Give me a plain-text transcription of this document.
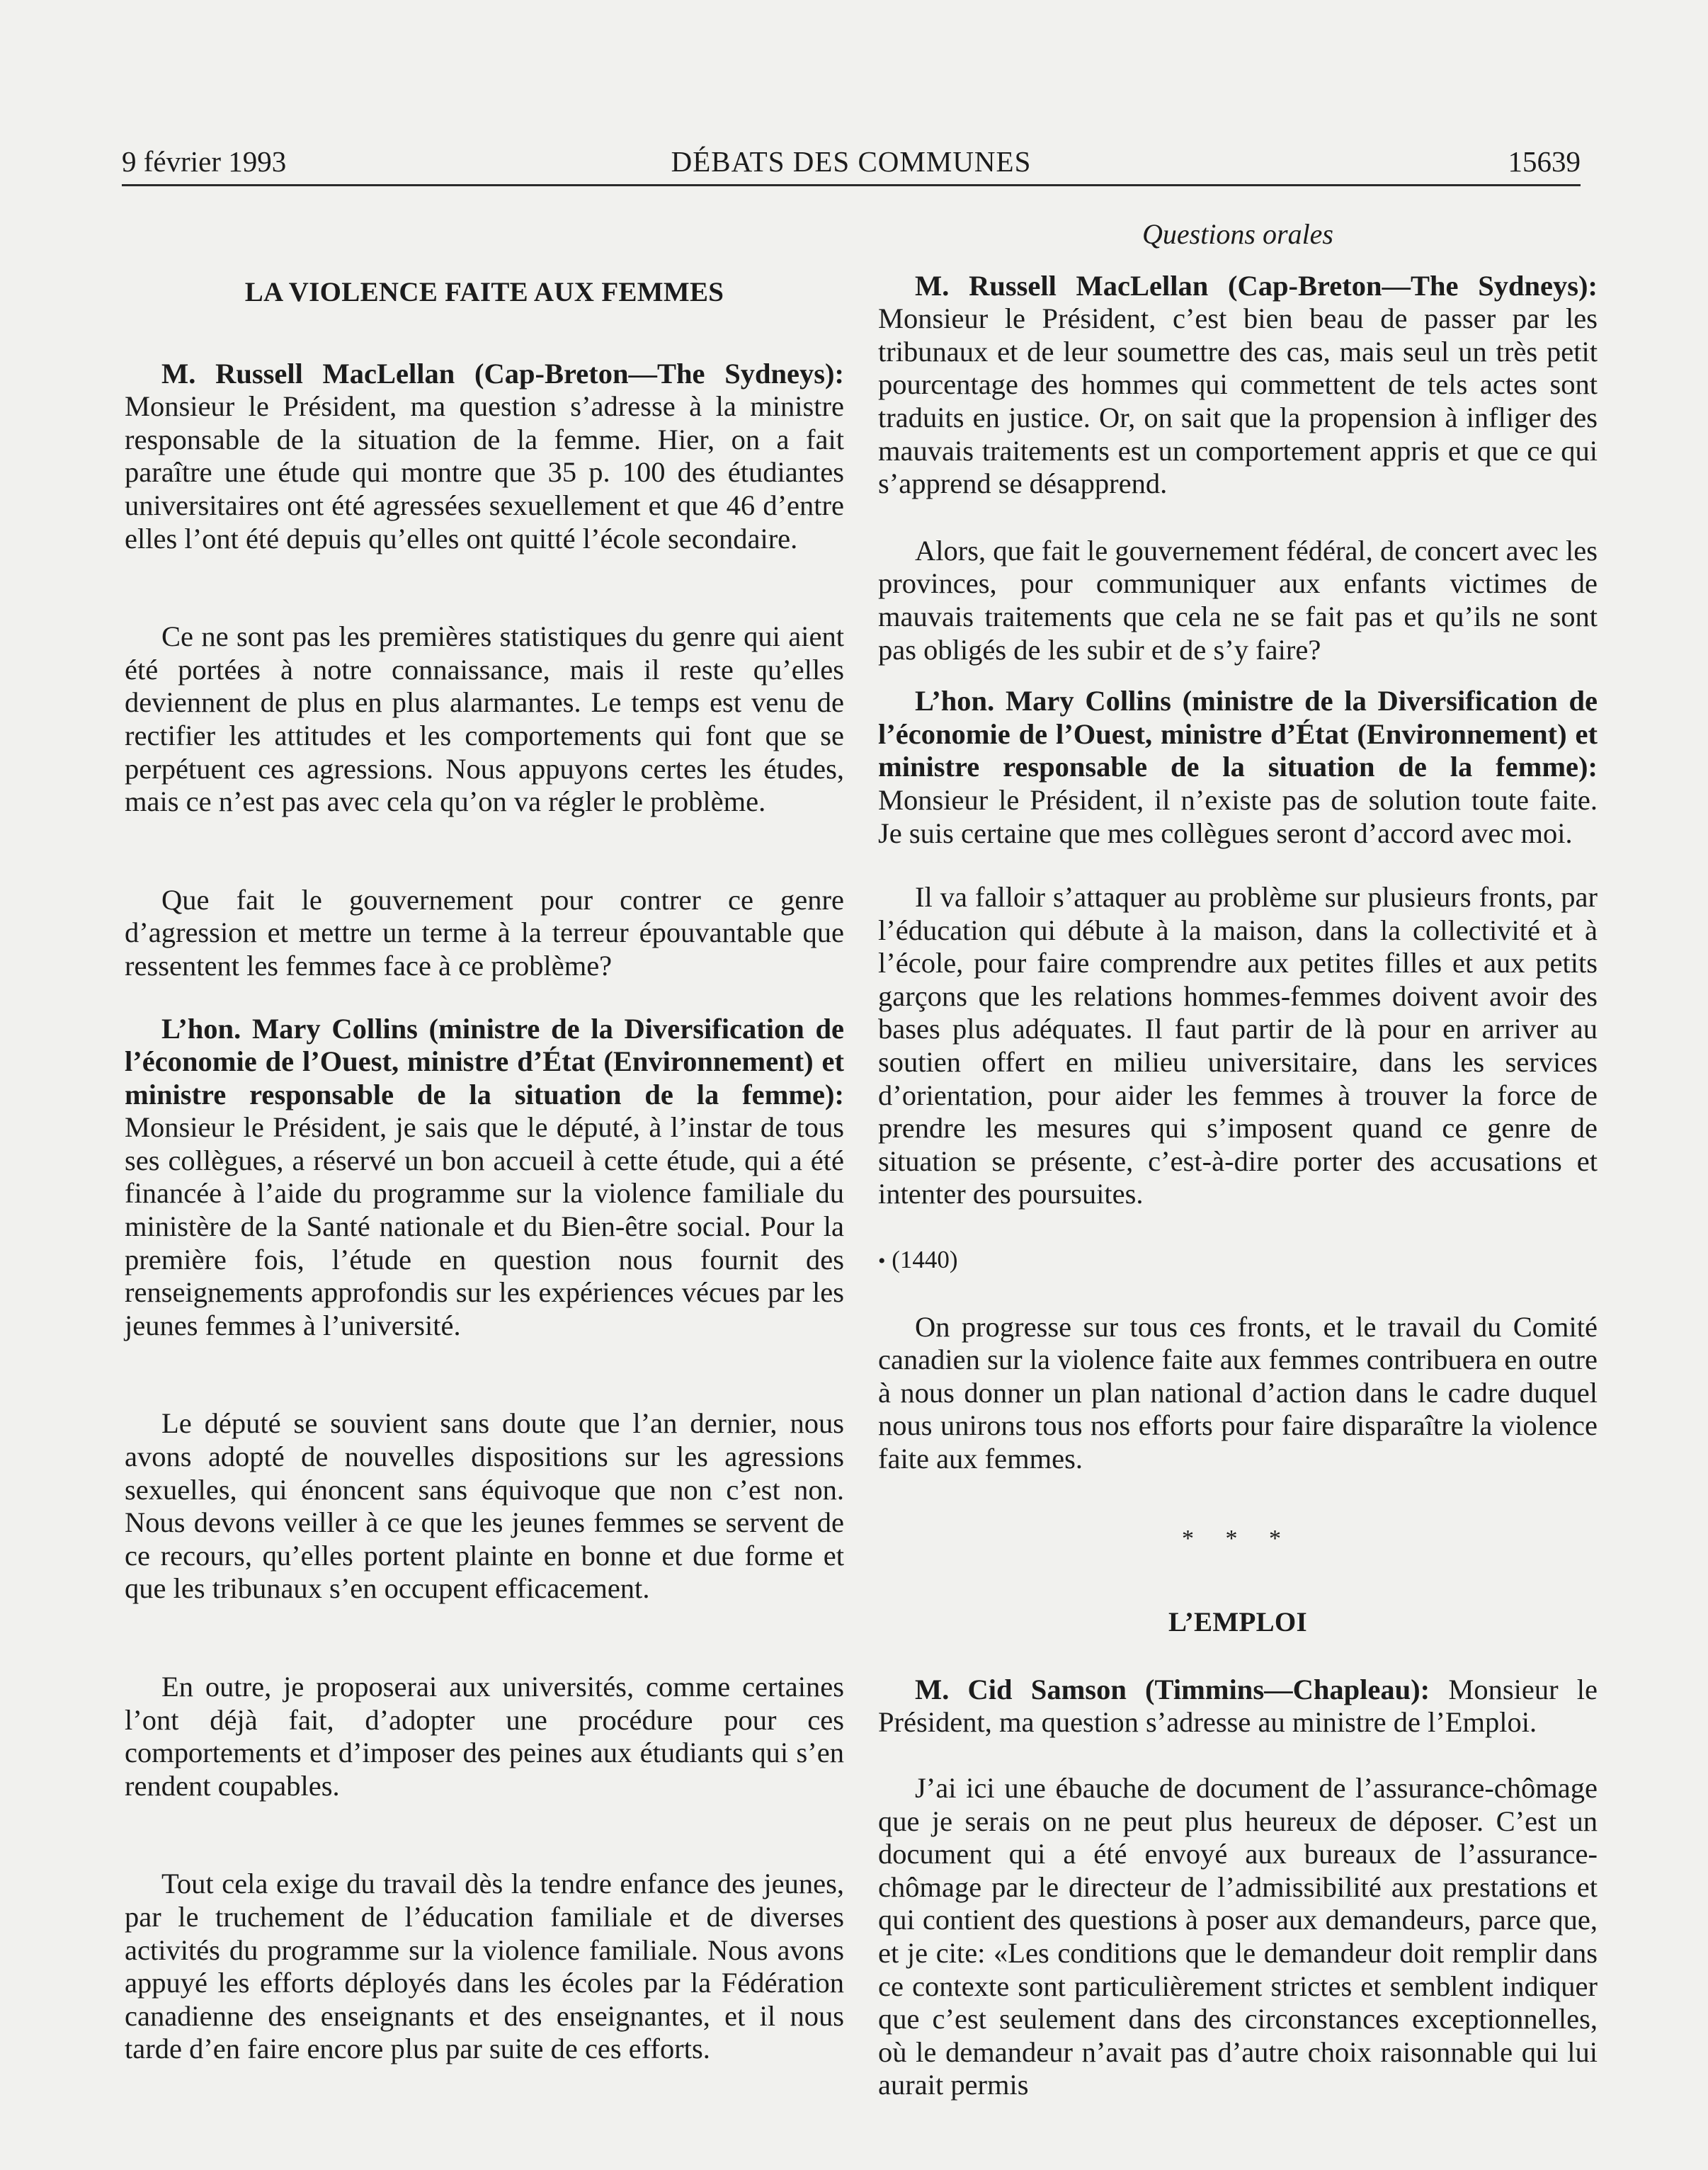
9 février 1993	DÉBATS DES COMMUNES	15639

LA VIOLENCE FAITE AUX FEMMES

M. Russell MacLellan (Cap-Breton—The Sydneys): Monsieur le Président, ma question s’adresse à la ministre responsable de la situation de la femme. Hier, on a fait paraître une étude qui montre que 35 p. 100 des étudiantes universitaires ont été agressées sexuellement et que 46 d’entre elles l’ont été depuis qu’elles ont quitté l’école secondaire.

Ce ne sont pas les premières statistiques du genre qui aient été portées à notre connaissance, mais il reste qu’elles deviennent de plus en plus alarmantes. Le temps est venu de rectifier les attitudes et les comportements qui font que se perpétuent ces agressions. Nous appuyons certes les études, mais ce n’est pas avec cela qu’on va régler le problème.

Que fait le gouvernement pour contrer ce genre d’agression et mettre un terme à la terreur épouvantable que ressentent les femmes face à ce problème?

L’hon. Mary Collins (ministre de la Diversification de l’économie de l’Ouest, ministre d’État (Environnement) et ministre responsable de la situation de la femme): Monsieur le Président, je sais que le député, à l’instar de tous ses collègues, a réservé un bon accueil à cette étude, qui a été financée à l’aide du programme sur la violence familiale du ministère de la Santé nationale et du Bien-être social. Pour la première fois, l’étude en question nous fournit des renseignements approfondis sur les expériences vécues par les jeunes femmes à l’université.

Le député se souvient sans doute que l’an dernier, nous avons adopté de nouvelles dispositions sur les agressions sexuelles, qui énoncent sans équivoque que non c’est non. Nous devons veiller à ce que les jeunes femmes se servent de ce recours, qu’elles portent plainte en bonne et due forme et que les tribunaux s’en occupent efficacement.

En outre, je proposerai aux universités, comme certaines l’ont déjà fait, d’adopter une procédure pour ces comportements et d’imposer des peines aux étudiants qui s’en rendent coupables.

Tout cela exige du travail dès la tendre enfance des jeunes, par le truchement de l’éducation familiale et de diverses activités du programme sur la violence familiale. Nous avons appuyé les efforts déployés dans les écoles par la Fédération canadienne des enseignants et des enseignantes, et il nous tarde d’en faire encore plus par suite de ces efforts.

Questions orales

M. Russell MacLellan (Cap-Breton—The Sydneys): Monsieur le Président, c’est bien beau de passer par les tribunaux et de leur soumettre des cas, mais seul un très petit pourcentage des hommes qui commettent de tels actes sont traduits en justice. Or, on sait que la propension à infliger des mauvais traitements est un comportement appris et que ce qui s’apprend se désapprend.

Alors, que fait le gouvernement fédéral, de concert avec les provinces, pour communiquer aux enfants victimes de mauvais traitements que cela ne se fait pas et qu’ils ne sont pas obligés de les subir et de s’y faire?

L’hon. Mary Collins (ministre de la Diversification de l’économie de l’Ouest, ministre d’État (Environnement) et ministre responsable de la situation de la femme): Monsieur le Président, il n’existe pas de solution toute faite. Je suis certaine que mes collègues seront d’accord avec moi.

Il va falloir s’attaquer au problème sur plusieurs fronts, par l’éducation qui débute à la maison, dans la collectivité et à l’école, pour faire comprendre aux petites filles et aux petits garçons que les relations hommes-femmes doivent avoir des bases plus adéquates. Il faut partir de là pour en arriver au soutien offert en milieu universitaire, dans les services d’orientation, pour aider les femmes à trouver la force de prendre les mesures qui s’imposent quand ce genre de situation se présente, c’est-à-dire porter des accusations et intenter des poursuites.

• (1440)

On progresse sur tous ces fronts, et le travail du Comité canadien sur la violence faite aux femmes contribuera en outre à nous donner un plan national d’action dans le cadre duquel nous unirons tous nos efforts pour faire disparaître la violence faite aux femmes.

* * *

L’EMPLOI

M. Cid Samson (Timmins—Chapleau): Monsieur le Président, ma question s’adresse au ministre de l’Emploi.

J’ai ici une ébauche de document de l’assurance-chômage que je serais on ne peut plus heureux de déposer. C’est un document qui a été envoyé aux bureaux de l’assurance-chômage par le directeur de l’admissibilité aux prestations et qui contient des questions à poser aux demandeurs, parce que, et je cite: «Les conditions que le demandeur doit remplir dans ce contexte sont particulièrement strictes et semblent indiquer que c’est seulement dans des circonstances exceptionnelles, où le demandeur n’avait pas d’autre choix raisonnable qui lui aurait permis
